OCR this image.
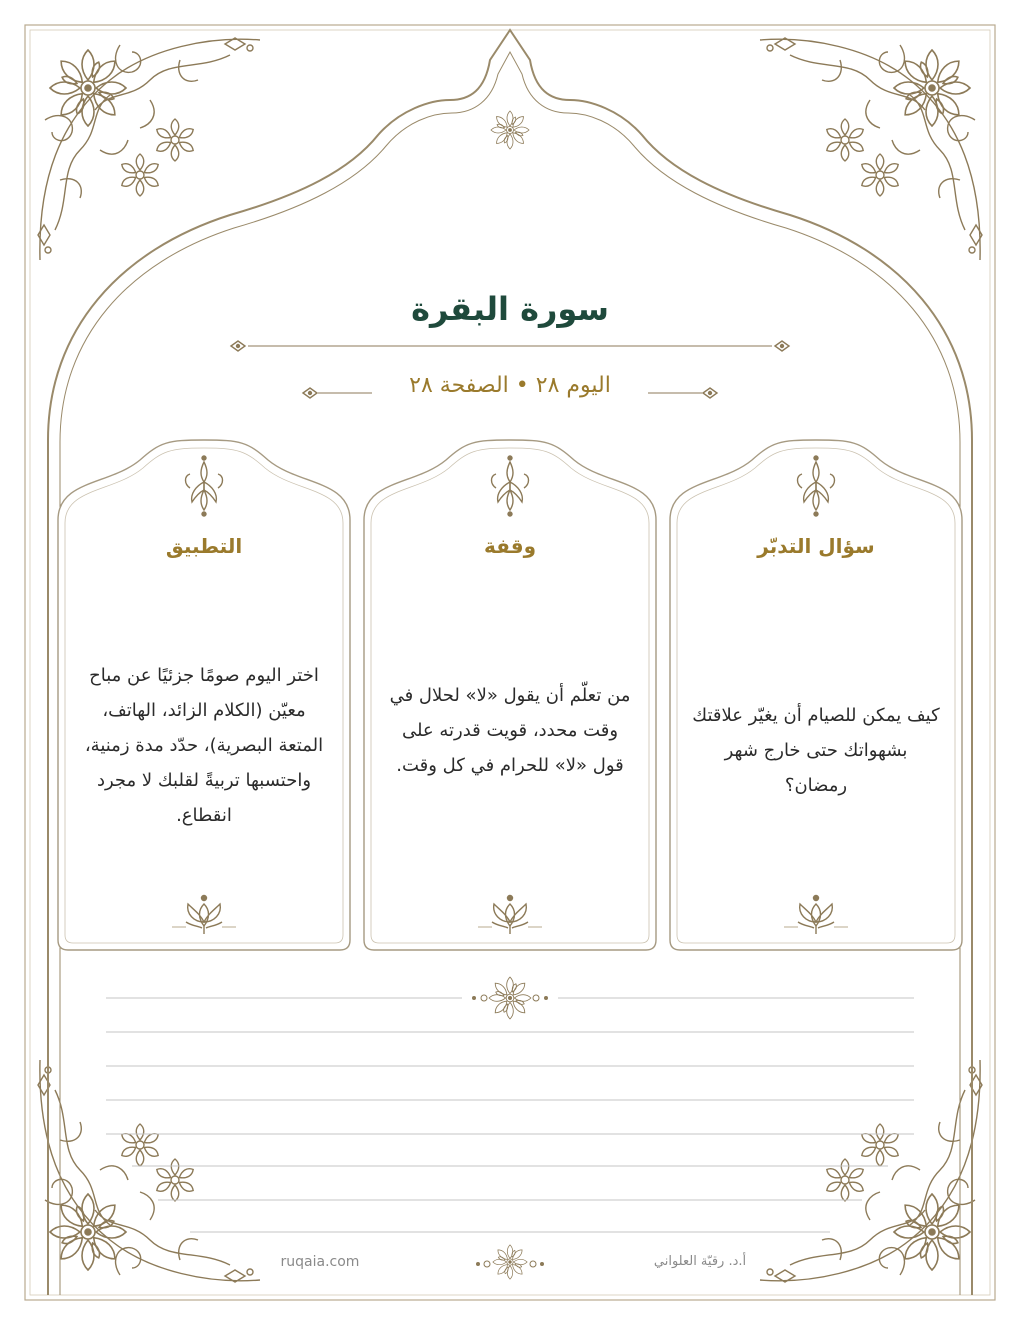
سورة البقرة
اليوم ٢٨ • الصفحة ٢٨
سؤال التدبّر
كيف يمكن للصيام أن يغيّر علاقتك بشهواتك حتى خارج شهر رمضان؟
وقفة
من تعلّم أن يقول «لا» لحلال في وقت محدد، قويت قدرته على قول «لا» للحرام في كل وقت.
التطبيق
اختر اليوم صومًا جزئيًا عن مباح معيّن (الكلام الزائد، الهاتف، المتعة البصرية)، حدّد مدة زمنية، واحتسبها تربيةً لقلبك لا مجرد انقطاع.
ruqaia.com	أ.د. رقيّة العلواني
